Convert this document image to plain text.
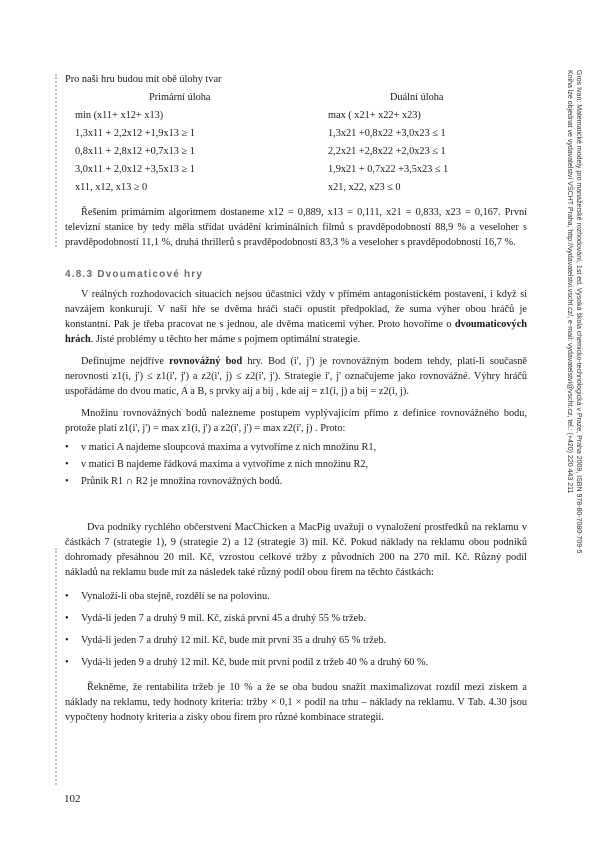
Pro naši hru budou mít obě úlohy tvar
Primární úloha	Duální úloha
min (x11+ x12+ x13)	max ( x21+ x22+ x23)
1,3x11 + 2,2x12 +1,9x13 ≥ 1	1,3x21 +0,8x22 +3,0x23 ≤ 1
0,8x11 + 2,8x12 +0,7x13 ≥ 1	2,2x21 +2,8x22 +2,0x23 ≤ 1
3,0x11 + 2,0x12 +3,5x13 ≥ 1	1,9x21 + 0,7x22 +3,5x23 ≤ 1
x11, x12, x13 ≥ 0	x21, x22, x23 ≤ 0
Řešením primárním algoritmem dostaneme x12 = 0,889, x13 = 0,111, x21 = 0,833, x23 = 0,167. První televizní stanice by tedy měla střídat uvádění kriminálních filmů s pravděpodobností 88,9 % a veseloher s pravděpodobností 11,1 %, druhá thrillerů s pravděpodobností 83,3 % a veseloher s pravděpodobností 16,7 %.
4.8.3 Dvoumaticové hry
V reálných rozhodovacích situacích nejsou účastníci vždy v přímém antagonistickém postavení, i když si navzájem konkurují. V naší hře se dvěma hráči stačí opustit předpoklad, že suma výher obou hráčů je konstantní. Pak je třeba pracovat ne s jednou, ale dvěma maticemi výher. Proto hovoříme o dvoumaticových hrách. Jisté problémy u těchto her máme s pojmem optimální strategie.
Definujme nejdříve rovnovážný bod hry. Bod (i', j') je rovnovážným bodem tehdy, platí-li současně nerovnosti z1(i, j') ≤ z1(i', j') a z2(i', j) ≤ z2(i', j'). Strategie i', j' označujeme jako rovnovážné. Výhry hráčů uspořádáme do dvou matic, A a B, s prvky aij a bij , kde aij = z1(i, j) a bij = z2(i, j).
Množinu rovnovážných bodů nalezneme postupem vyplývajícím přímo z definice rovnovážného bodu, protože platí z1(i', j') = max z1(i, j') a z2(i', j') = max z2(i', j) . Proto:
• v matici A najdeme sloupcová maxima a vytvoříme z nich množinu R1,
• v matici B najdeme řádková maxima a vytvoříme z nich množinu R2,
• Průnik R1 ∩ R2 je množina rovnovážných bodů.
Dva podniky rychlého občerstvení MacChicken a MacPig uvažují o vynaložení prostředků na reklamu v částkách 7 (strategie 1), 9 (strategie 2) a 12 (strategie 3) mil. Kč. Pokud náklady na reklamu obou podniků dohromady přesáhnou 20 mil. Kč, vzrostou celkové tržby z původních 200 na 270 mil. Kč. Různý podíl nákladů na reklamu bude mít za následek také různý podíl obou firem na těchto částkách:
• Vynaloží-li oba stejně, rozdělí se na polovinu.
• Vydá-li jeden 7 a druhý 9 mil. Kč, získá první 45 a druhý 55 % tržeb.
• Vydá-li jeden 7 a druhý 12 mil. Kč, bude mít první 35 a druhý 65 % tržeb.
• Vydá-li jeden 9 a druhý 12 mil. Kč, bude mít první podíl z tržeb 40 % a druhý 60 %.
Řekněme, že rentabilita tržeb je 10 % a že se oba budou snažit maximalizovat rozdíl mezi ziskem a náklady na reklamu, tedy hodnoty kriteria: tržby × 0,1 × podíl na trhu – náklady na reklamu. V Tab. 4.30 jsou vypočteny hodnoty kriteria a zisky obou firem pro různé kombinace strategií.
102
Gros Ivan: Matematické modely pro manažerské rozhodování, 1st ed. Vysoká škola chemicko-technologická v Praze, Praha 2009, ISBN 978-80-7080-709-5
Kniha lze objednat ve vydavatelství VŠCHT Praha, http://vydavatelstvi.vscht.cz/, e-mail: vydavatelstvi@vscht.cz, tel.: (+420) 220 443 211
